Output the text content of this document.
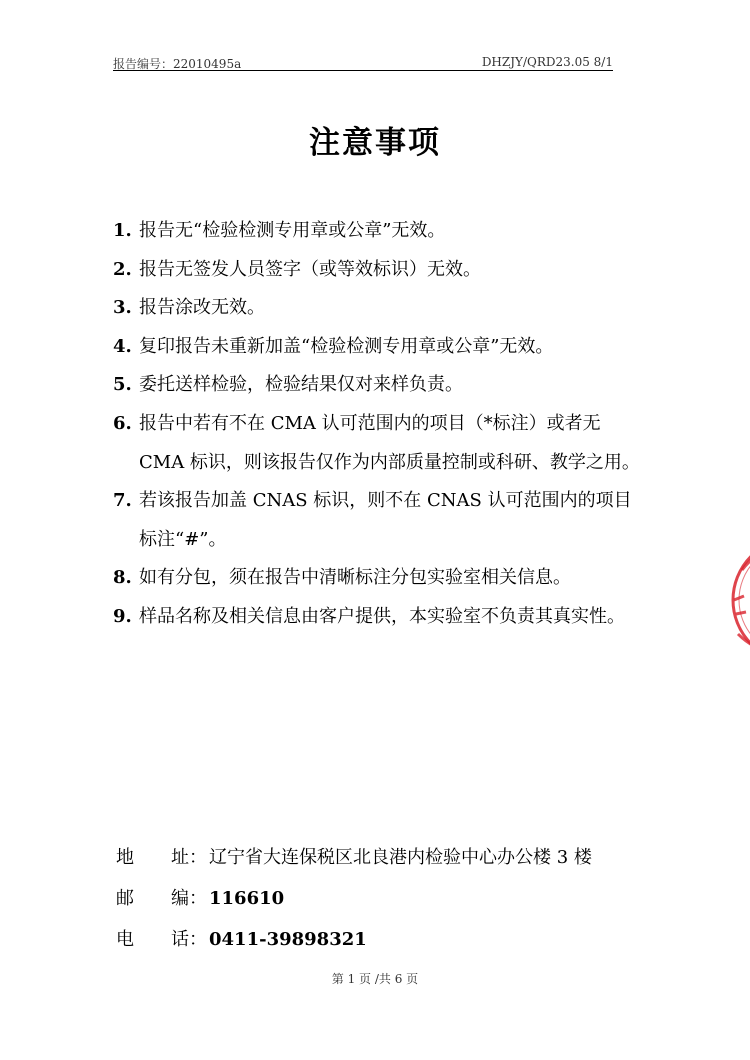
报告编号：22010495a	DHZJY/QRD23.05 8/1
注意事项
1. 报告无“检验检测专用章或公章”无效。
2. 报告无签发人员签字（或等效标识）无效。
3. 报告涂改无效。
4. 复印报告未重新加盖“检验检测专用章或公章”无效。
5. 委托送样检验，检验结果仅对来样负责。
6. 报告中若有不在 CMA 认可范围内的项目（*标注）或者无 CMA 标识，则该报告仅作为内部质量控制或科研、教学之用。
7. 若该报告加盖 CNAS 标识，则不在 CNAS 认可范围内的项目标注“#”。
8. 如有分包，须在报告中清晰标注分包实验室相关信息。
9. 样品名称及相关信息由客户提供，本实验室不负责其真实性。
地 址： 辽宁省大连保税区北良港内检验中心办公楼 3 楼
邮 编： 116610
电 话： 0411-39898321
第 1 页 /共 6 页
